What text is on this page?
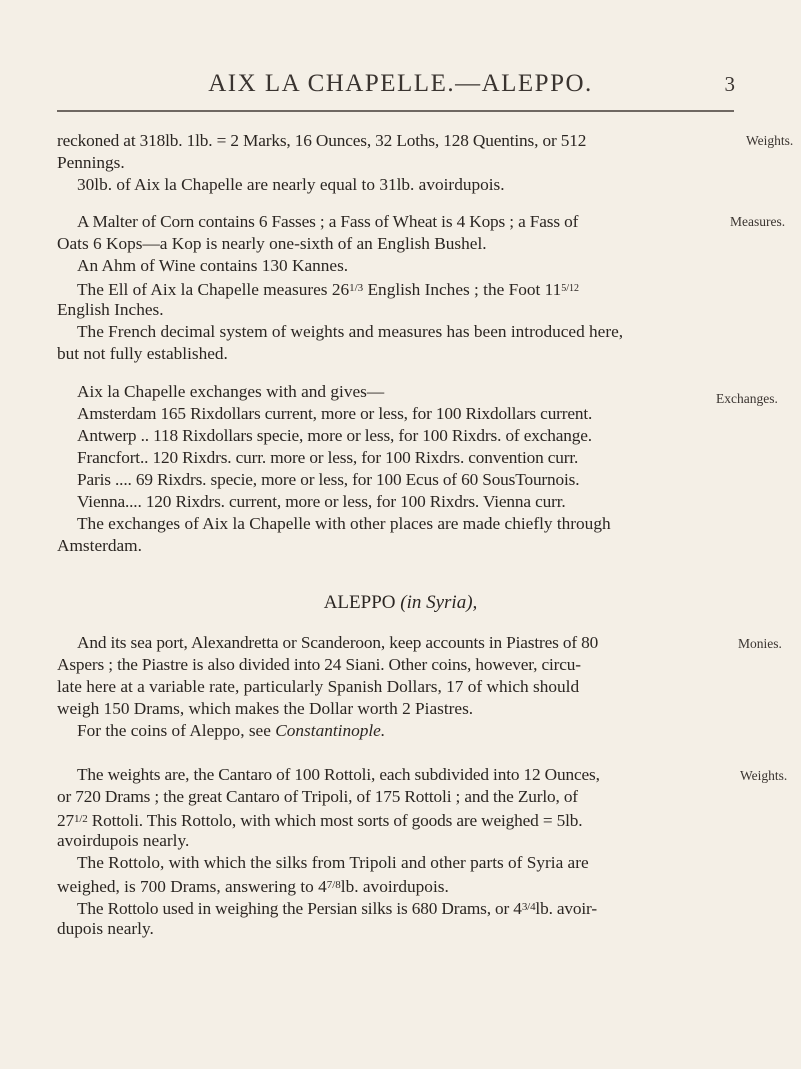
AIX LA CHAPELLE.—ALEPPO.	3
reckoned at 318lb. 1lb. = 2 Marks, 16 Ounces, 32 Loths, 128 Quentins, or 512	Weights.
Pennings.
30lb. of Aix la Chapelle are nearly equal to 31lb. avoirdupois.
A Malter of Corn contains 6 Fasses ; a Fass of Wheat is 4 Kops ; a Fass of	Measures.
Oats 6 Kops—a Kop is nearly one-sixth of an English Bushel.
An Ahm of Wine contains 130 Kannes.
The Ell of Aix la Chapelle measures $26^{1/3}$ English Inches ; the Foot $11^{5/12}$
English Inches.
The French decimal system of weights and measures has been introduced here,
but not fully established.
Aix la Chapelle exchanges with and gives—	Exchanges.
Amsterdam 165 Rixdollars current, more or less, for 100 Rixdollars current.
Antwerp .. 118 Rixdollars specie, more or less, for 100 Rixdrs. of exchange.
Francfort.. 120 Rixdrs. curr. more or less, for 100 Rixdrs. convention curr.
Paris .... 69 Rixdrs. specie, more or less, for 100 Ecus of 60 SousTournois.
Vienna.... 120 Rixdrs. current, more or less, for 100 Rixdrs. Vienna curr.
The exchanges of Aix la Chapelle with other places are made chiefly through
Amsterdam.
ALEPPO (in Syria),
And its sea port, Alexandretta or Scanderoon, keep accounts in Piastres of 80	Monies.
Aspers ; the Piastre is also divided into 24 Siani. Other coins, however, circu-
late here at a variable rate, particularly Spanish Dollars, 17 of which should
weigh 150 Drams, which makes the Dollar worth 2 Piastres.
For the coins of Aleppo, see Constantinople.
The weights are, the Cantaro of 100 Rottoli, each subdivided into 12 Ounces,	Weights.
or 720 Drams ; the great Cantaro of Tripoli, of 175 Rottoli ; and the Zurlo, of
$27^{1/2}$ Rottoli. This Rottolo, with which most sorts of goods are weighed = 5lb.
avoirdupois nearly.
The Rottolo, with which the silks from Tripoli and other parts of Syria are
weighed, is 700 Drams, answering to $4^{7/8}lb$. avoirdupois.
The Rottolo used in weighing the Persian silks is 680 Drams, or $4^{3/4}lb$. avoir-
dupois nearly.
